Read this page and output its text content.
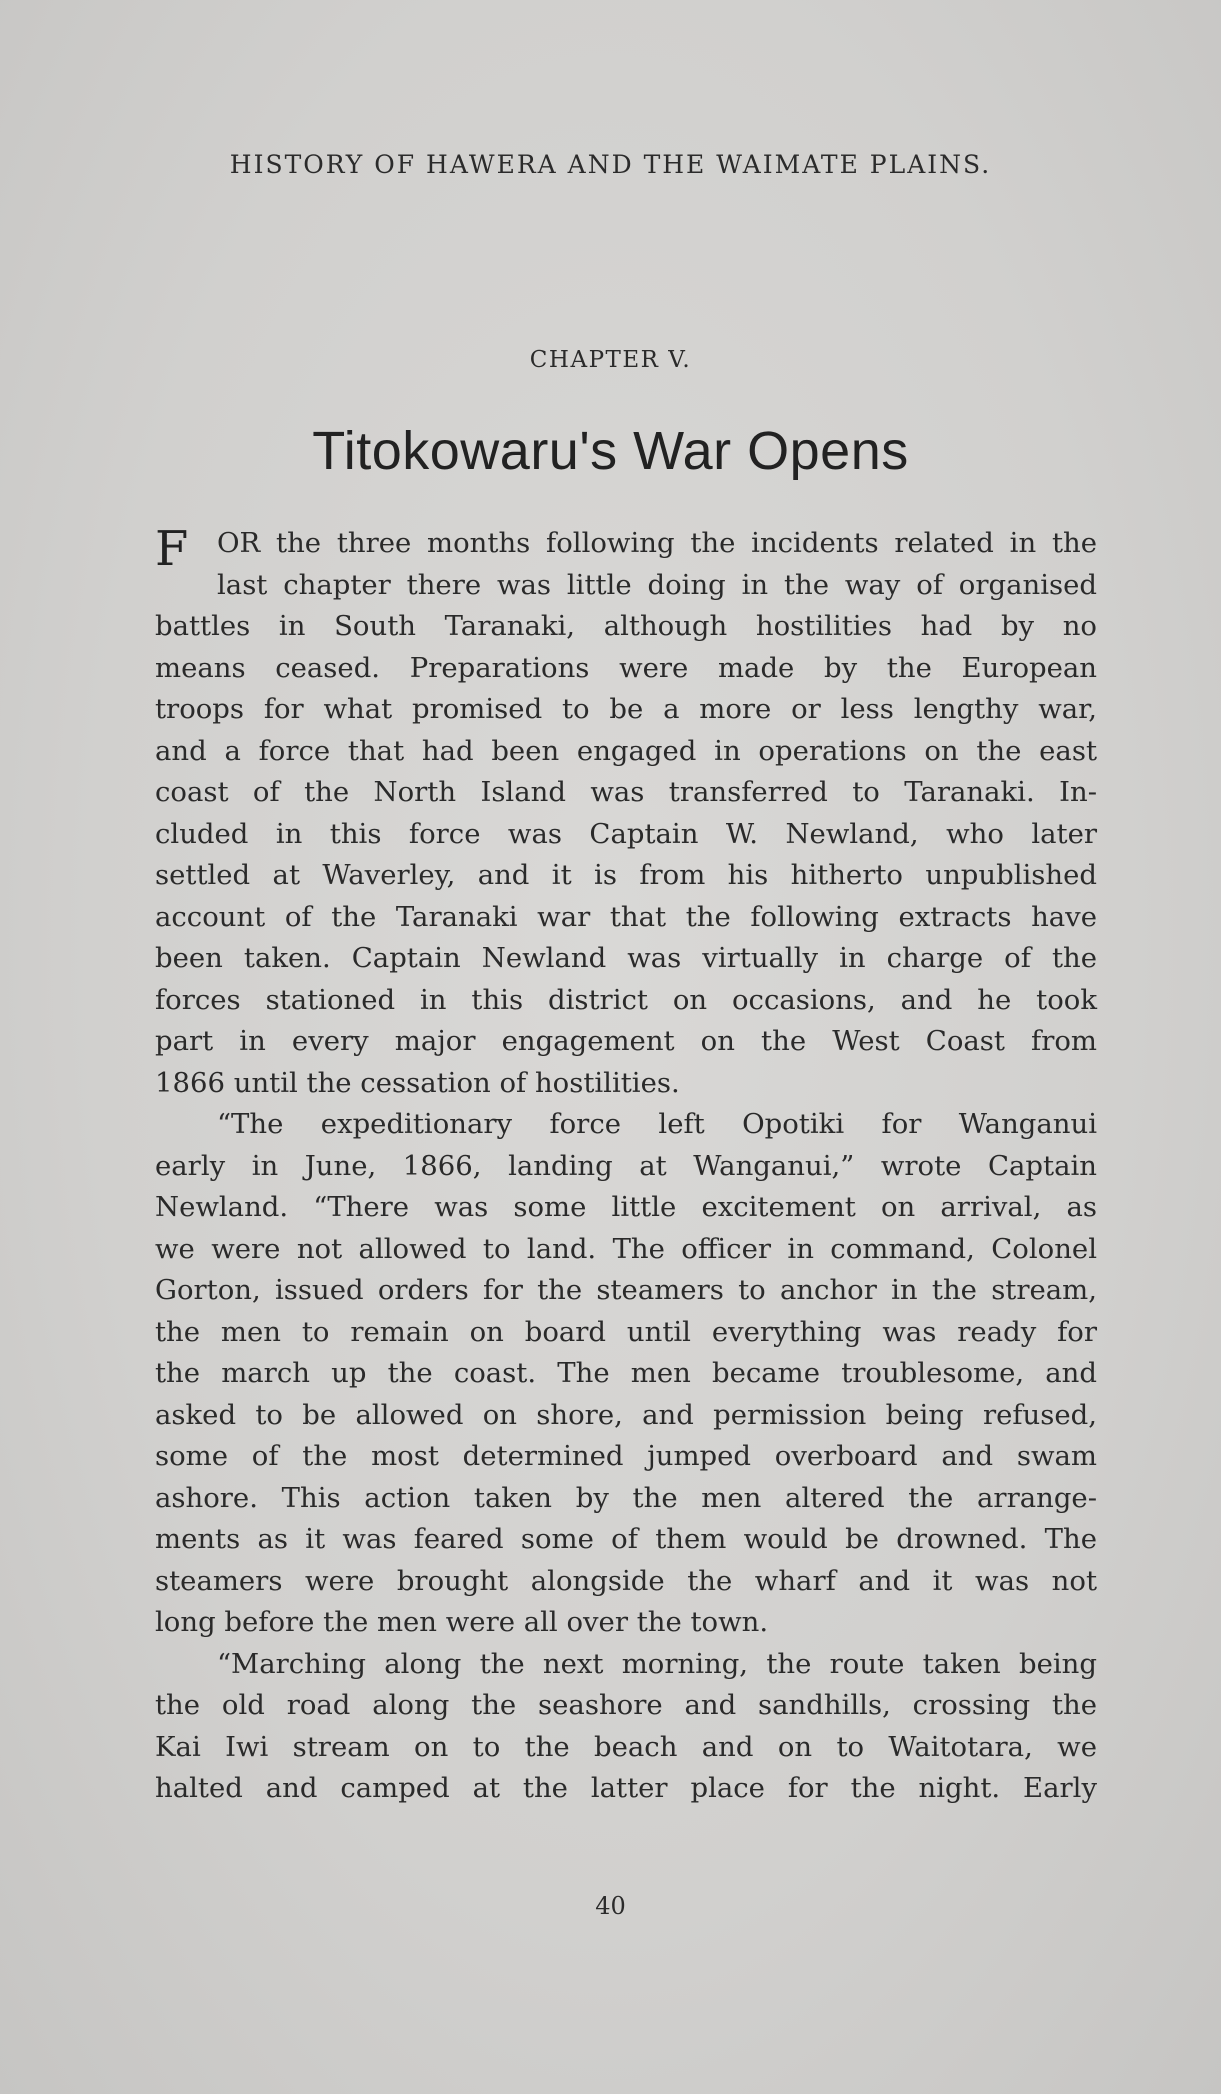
HISTORY OF HAWERA AND THE WAIMATE PLAINS.
CHAPTER V.
Titokowaru's War Opens
F OR the three months following the incidents related in the
last chapter there was little doing in the way of organised
battles in South Taranaki, although hostilities had by no
means ceased. Preparations were made by the European
troops for what promised to be a more or less lengthy war,
and a force that had been engaged in operations on the east
coast of the North Island was transferred to Taranaki. In-
cluded in this force was Captain W. Newland, who later
settled at Waverley, and it is from his hitherto unpublished
account of the Taranaki war that the following extracts have
been taken. Captain Newland was virtually in charge of the
forces stationed in this district on occasions, and he took
part in every major engagement on the West Coast from
1866 until the cessation of hostilities.
“The expeditionary force left Opotiki for Wanganui
early in June, 1866, landing at Wanganui,” wrote Captain
Newland. “There was some little excitement on arrival, as
we were not allowed to land. The officer in command, Colonel
Gorton, issued orders for the steamers to anchor in the stream,
the men to remain on board until everything was ready for
the march up the coast. The men became troublesome, and
asked to be allowed on shore, and permission being refused,
some of the most determined jumped overboard and swam
ashore. This action taken by the men altered the arrange-
ments as it was feared some of them would be drowned. The
steamers were brought alongside the wharf and it was not
long before the men were all over the town.
“Marching along the next morning, the route taken being
the old road along the seashore and sandhills, crossing the
Kai Iwi stream on to the beach and on to Waitotara, we
halted and camped at the latter place for the night. Early
40
